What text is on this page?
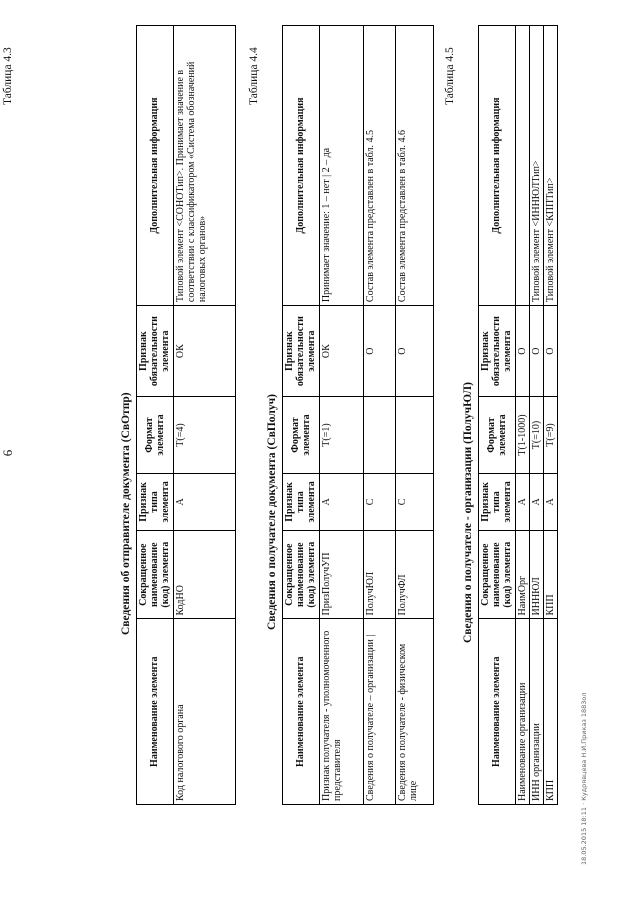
6
Таблица 4.3
Сведения об отправителе документа (СвОтпр)
Наименование элемента	Сокращенное наименование (код) элемента	Признак типа элемента	Формат элемента	Признак обязательности элемента	Дополнительная информация
Код налогового органа	КодНО	А	T(=4)	ОК	Типовой элемент <СОНОТип>. Принимает значение в соответствии с классификатором «Система обозначений налоговых органов»
Таблица 4.4
Сведения о получателе документа (СвПолуч)
Наименование элемента	Сокращенное наименование (код) элемента	Признак типа элемента	Формат элемента	Признак обязательности элемента	Дополнительная информация
Признак получателя - уполномоченного представителя	ПризПолучУП	А	T(=1)	ОК	Принимает значение: 1 – нет | 2 – да
Сведения о получателе – организации |	ПолучЮЛ	С		О	Состав элемента представлен в табл. 4.5
Сведения о получателе - физическом лице	ПолучФЛ	С		О	Состав элемента представлен в табл. 4.6
Таблица 4.5
Сведения о получателе - организации (ПолучЮЛ)
Наименование элемента	Сокращенное наименование (код) элемента	Признак типа элемента	Формат элемента	Признак обязательности элемента	Дополнительная информация
Наименование организации	НаимОрг	А	T(1-1000)	О	
ИНН организации	ИННЮЛ	А	T(=10)	О	Типовой элемент <ИННЮЛТип>
КПП	КПП	А	T(=9)	О	Типовой элемент <КППТип>
18.05.2015 18:11 · Кудрявцева Н.И.Приказ 1883ол
